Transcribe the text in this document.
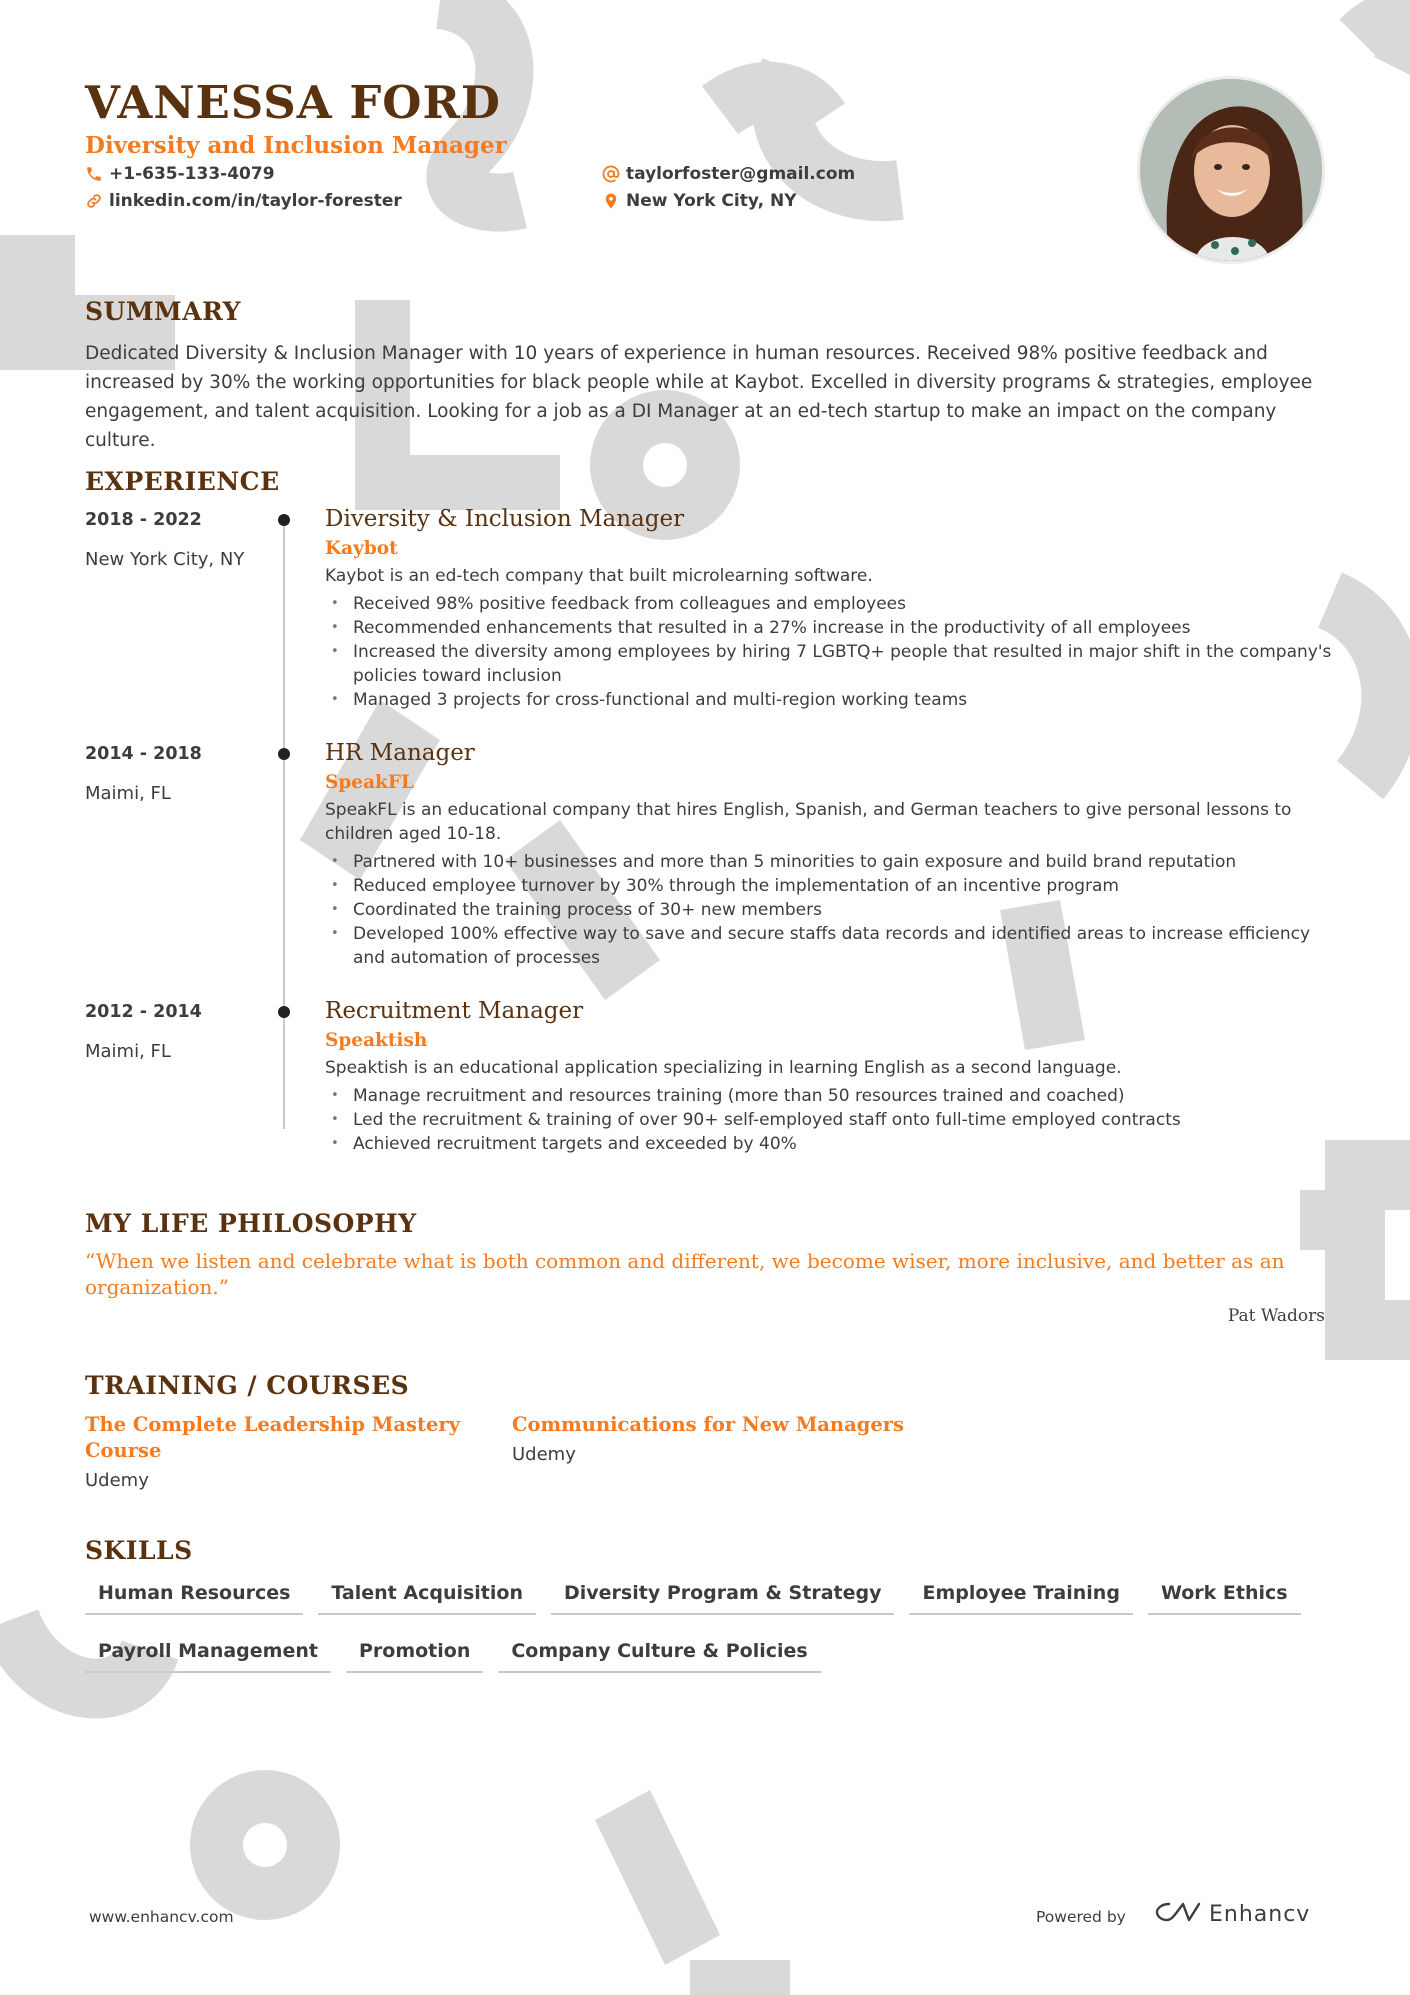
VANESSA FORD
Diversity and Inclusion Manager
+1-635-133-4079
linkedin.com/in/taylor-forester
taylorfoster@gmail.com
New York City, NY
SUMMARY
Dedicated Diversity & Inclusion Manager with 10 years of experience in human resources. Received 98% positive feedback and increased by 30% the working opportunities for black people while at Kaybot. Excelled in diversity programs & strategies, employee engagement, and talent acquisition. Looking for a job as a DI Manager at an ed-tech startup to make an impact on the company culture.
EXPERIENCE
2018 - 2022
New York City, NY
Diversity & Inclusion Manager
Kaybot
Kaybot is an ed-tech company that built microlearning software.
• Received 98% positive feedback from colleagues and employees
• Recommended enhancements that resulted in a 27% increase in the productivity of all employees
• Increased the diversity among employees by hiring 7 LGBTQ+ people that resulted in major shift in the company's policies toward inclusion
• Managed 3 projects for cross-functional and multi-region working teams
2014 - 2018
Maimi, FL
HR Manager
SpeakFL
SpeakFL is an educational company that hires English, Spanish, and German teachers to give personal lessons to children aged 10-18.
• Partnered with 10+ businesses and more than 5 minorities to gain exposure and build brand reputation
• Reduced employee turnover by 30% through the implementation of an incentive program
• Coordinated the training process of 30+ new members
• Developed 100% effective way to save and secure staffs data records and identified areas to increase efficiency and automation of processes
2012 - 2014
Maimi, FL
Recruitment Manager
Speaktish
Speaktish is an educational application specializing in learning English as a second language.
• Manage recruitment and resources training (more than 50 resources trained and coached)
• Led the recruitment & training of over 90+ self-employed staff onto full-time employed contracts
• Achieved recruitment targets and exceeded by 40%
MY LIFE PHILOSOPHY
“When we listen and celebrate what is both common and different, we become wiser, more inclusive, and better as an organization.”
Pat Wadors
TRAINING / COURSES
The Complete Leadership Mastery Course
Udemy
Communications for New Managers
Udemy
SKILLS
Human Resources	Talent Acquisition	Diversity Program & Strategy	Employee Training	Work Ethics
Payroll Management	Promotion	Company Culture & Policies
www.enhancv.com	Powered by	Enhancv
